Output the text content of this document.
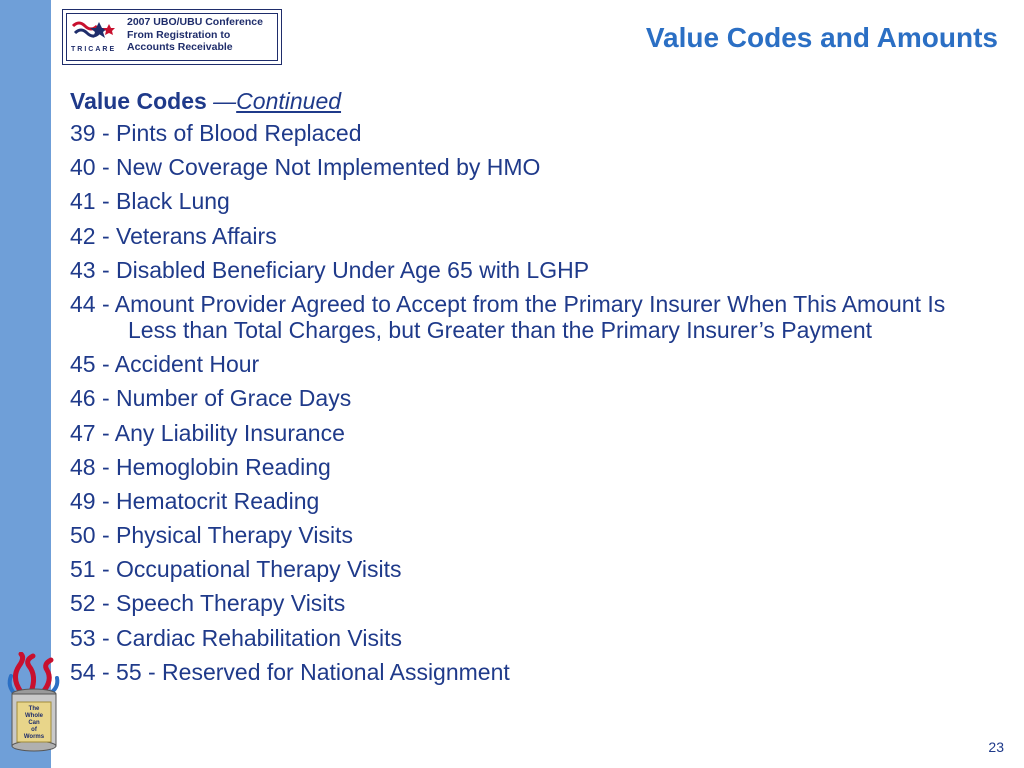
TRICARE
2007 UBO/UBU Conference
From Registration to
Accounts Receivable	Value Codes and Amounts
Value Codes —Continued
39 - Pints of Blood Replaced
40 - New Coverage Not Implemented by HMO
41 - Black Lung
42 - Veterans Affairs
43 - Disabled Beneficiary Under Age 65 with LGHP
44 - Amount Provider Agreed to Accept from the Primary Insurer When This Amount Is Less than Total Charges, but Greater than the Primary Insurer’s Payment
45 - Accident Hour
46 - Number of Grace Days
47 - Any Liability Insurance
48 - Hemoglobin Reading
49 - Hematocrit Reading
50 - Physical Therapy Visits
51 - Occupational Therapy Visits
52 - Speech Therapy Visits
53 - Cardiac Rehabilitation Visits
54 - 55 - Reserved for National Assignment
The
Whole
Can
of
Worms
23
